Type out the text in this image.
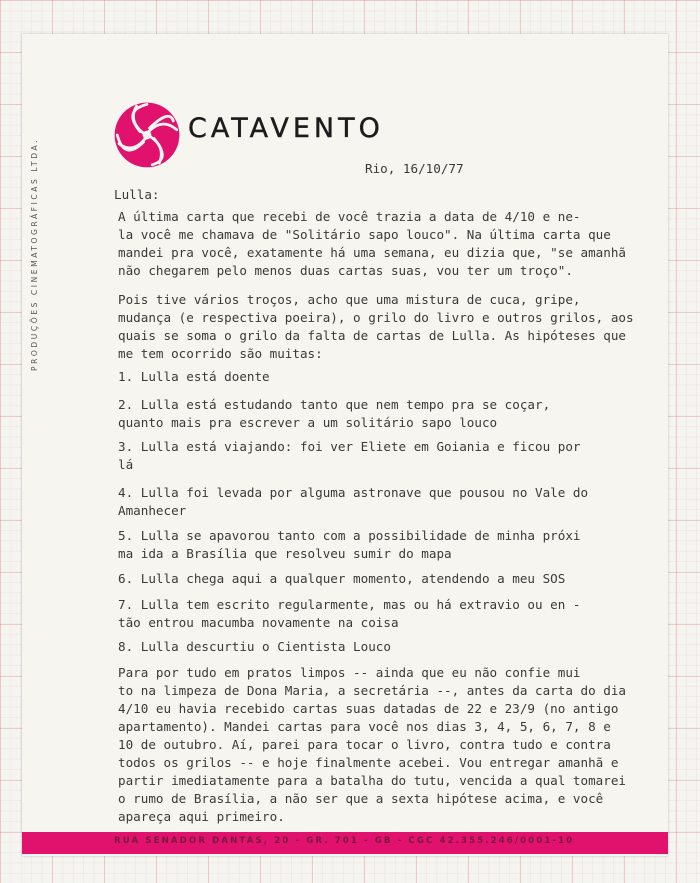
PRODUÇÕES CINEMATOGRÁFICAS LTDA.
CATAVENTO
Rio, 16/10/77
Lulla:
A última carta que recebi de você trazia a data de 4/10 e ne-
la você me chamava de "Solitário sapo louco". Na última carta que
mandei pra você, exatamente há uma semana, eu dizia que, "se amanhã
não chegarem pelo menos duas cartas suas, vou ter um troço".
Pois tive vários troços, acho que uma mistura de cuca, gripe,
mudança (e respectiva poeira), o grilo do livro e outros grilos, aos
quais se soma o grilo da falta de cartas de Lulla. As hipóteses que
me tem ocorrido são muitas:
1. Lulla está doente
2. Lulla está estudando tanto que nem tempo pra se coçar,
quanto mais pra escrever a um solitário sapo louco
3. Lulla está viajando: foi ver Eliete em Goiania e ficou por
lá
4. Lulla foi levada por alguma astronave que pousou no Vale do
Amanhecer
5. Lulla se apavorou tanto com a possibilidade de minha próxi
ma ida a Brasília que resolveu sumir do mapa
6. Lulla chega aqui a qualquer momento, atendendo a meu SOS
7. Lulla tem escrito regularmente, mas ou há extravio ou en -
tão entrou macumba novamente na coisa
8. Lulla descurtiu o Cientista Louco
Para por tudo em pratos limpos -- ainda que eu não confie mui
to na limpeza de Dona Maria, a secretária --, antes da carta do dia
4/10 eu havia recebido cartas suas datadas de 22 e 23/9 (no antigo
apartamento). Mandei cartas para você nos dias 3, 4, 5, 6, 7, 8 e
10 de outubro. Aí, parei para tocar o livro, contra tudo e contra
todos os grilos -- e hoje finalmente acebei. Vou entregar amanhã e
partir imediatamente para a batalha do tutu, vencida a qual tomarei
o rumo de Brasília, a não ser que a sexta hipótese acima, e você
apareça aqui primeiro.
RUA SENADOR DANTAS, 20 - GR. 701 - GB - CGC 42.355.246/0001-10
